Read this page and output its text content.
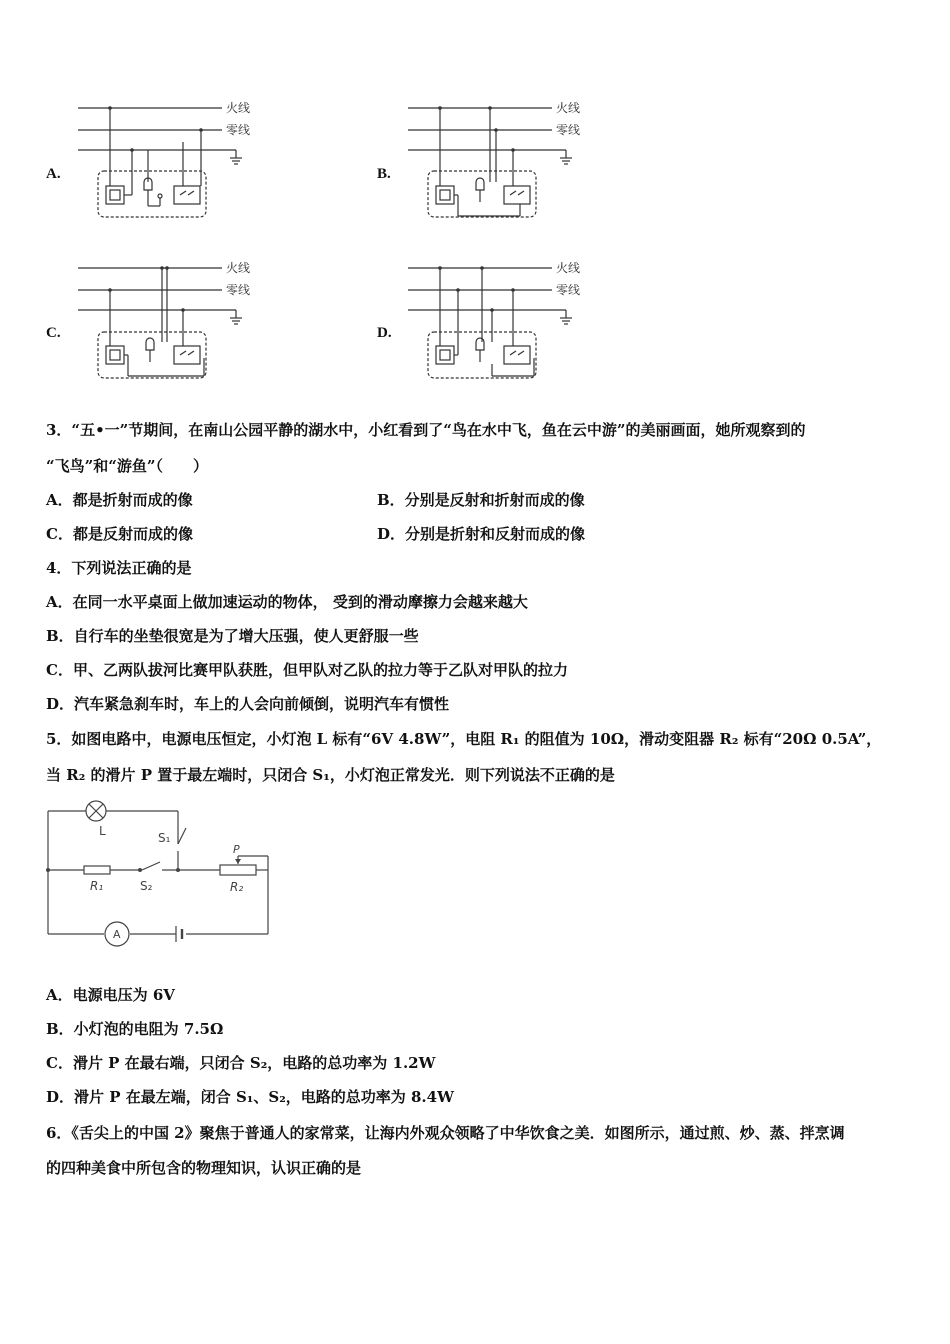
A.	B.
C.	D.
火线
零线
火线
零线
火线
零线
火线
零线
3．“五•一”节期间，在南山公园平静的湖水中，小红看到了“鸟在水中飞，鱼在云中游”的美丽画面，她所观察到的
“飞鸟”和“游鱼”（　　）
A．都是折射而成的像	B．分别是反射和折射而成的像
C．都是反射而成的像	D．分别是折射和反射而成的像
4．下列说法正确的是
A．在同一水平桌面上做加速运动的物体， 受到的滑动摩擦力会越来越大
B．自行车的坐垫很宽是为了增大压强，使人更舒服一些
C．甲、乙两队拔河比赛甲队获胜，但甲队对乙队的拉力等于乙队对甲队的拉力
D．汽车紧急刹车时，车上的人会向前倾倒，说明汽车有惯性
5．如图电路中，电源电压恒定，小灯泡 L 标有“6V 4.8W”，电阻 R₁ 的阻值为 10Ω，滑动变阻器 R₂ 标有“20Ω 0.5A”，
当 R₂ 的滑片 P 置于最左端时，只闭合 S₁，小灯泡正常发光．则下列说法不正确的是
L	S₁
R₁	S₂	R₂
P
A
A．电源电压为 6V
B．小灯泡的电阻为 7.5Ω
C．滑片 P 在最右端，只闭合 S₂，电路的总功率为 1.2W
D．滑片 P 在最左端，闭合 S₁、S₂，电路的总功率为 8.4W
6．《舌尖上的中国 2》聚焦于普通人的家常菜，让海内外观众领略了中华饮食之美．如图所示，通过煎、炒、蒸、拌烹调
的四种美食中所包含的物理知识，认识正确的是
